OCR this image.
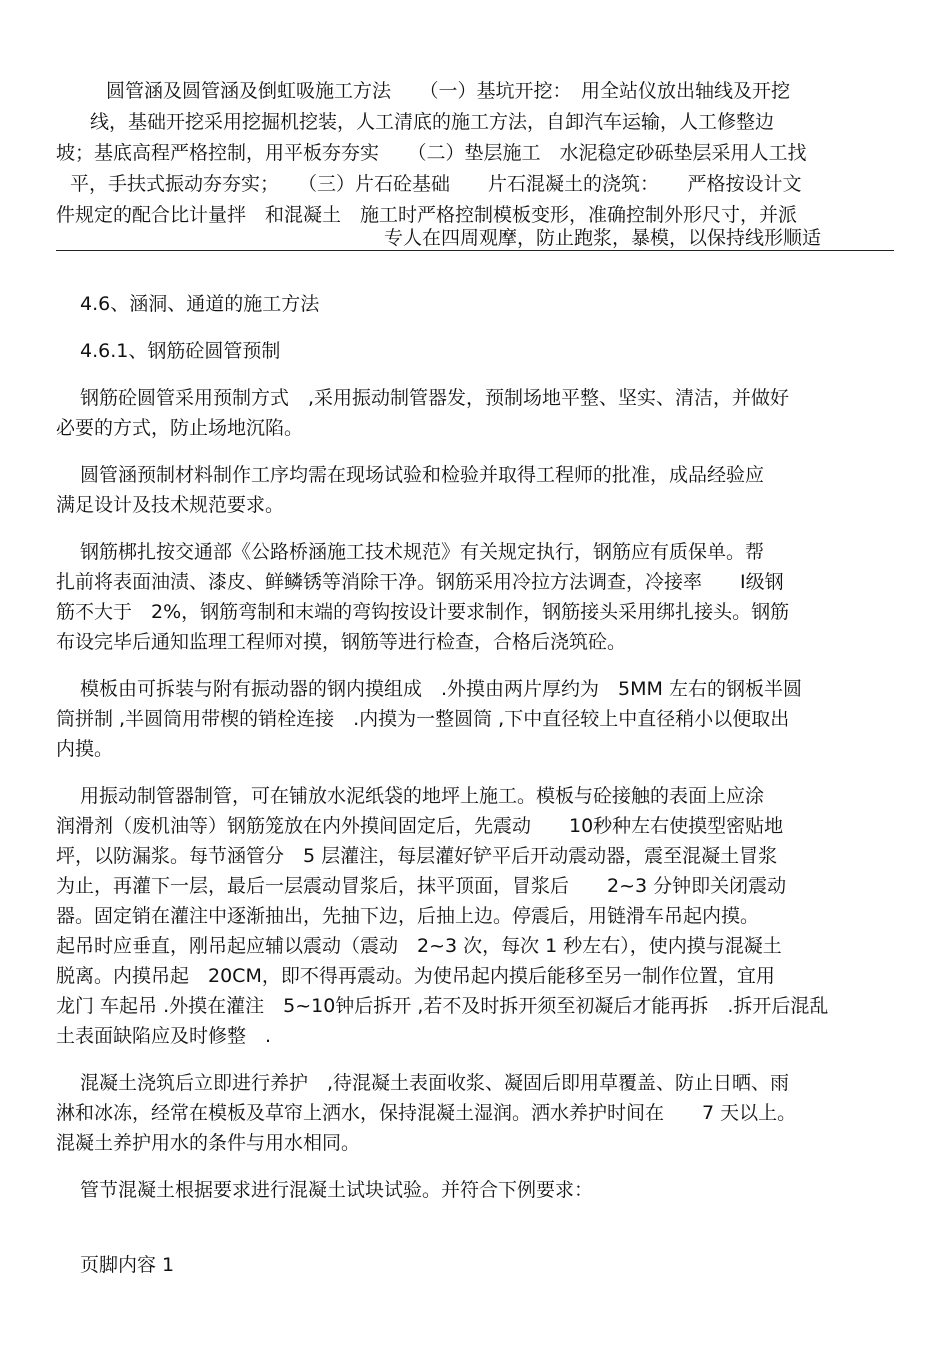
圆管涵及圆管涵及倒虹吸施工方法　　（一）基坑开挖：　用全站仪放出轴线及开挖
线，基础开挖采用挖掘机挖装，人工清底的施工方法，自卸汽车运输，人工修整边
坡；基底高程严格控制，用平板夯夯实　　（二）垫层施工　水泥稳定砂砾垫层采用人工找
平，手扶式振动夯夯实；　　（三）片石砼基础　　片石混凝土的浇筑：　　严格按设计文
件规定的配合比计量拌　和混凝土　施工时严格控制模板变形，准确控制外形尺寸，并派
专人在四周观摩，防止跑浆，暴模，以保持线形顺适
4.6、涵洞、通道的施工方法
4.6.1、钢筋砼圆管预制
钢筋砼圆管采用预制方式　,采用振动制管器发，预制场地平整、坚实、清洁，并做好
必要的方式，防止场地沉陷。
圆管涵预制材料制作工序均需在现场试验和检验并取得工程师的批准，成品经验应
满足设计及技术规范要求。
钢筋梆扎按交通部《公路桥涵施工技术规范》有关规定执行，钢筋应有质保单。帮
扎前将表面油渍、漆皮、鲜鳞锈等消除干净。钢筋采用冷拉方法调查，冷接率　　Ⅰ级钢
筋不大于　2%，钢筋弯制和末端的弯钩按设计要求制作，钢筋接头采用绑扎接头。钢筋
布设完毕后通知监理工程师对摸，钢筋等进行检查，合格后浇筑砼。
模板由可拆装与附有振动器的钢内摸组成　.外摸由两片厚约为　5MM 左右的钢板半圆
筒拼制 ,半圆筒用带楔的销栓连接　.内摸为一整圆筒 ,下中直径较上中直径稍小以便取出
内摸。
用振动制管器制管，可在铺放水泥纸袋的地坪上施工。模板与砼接触的表面上应涂
润滑剂（废机油等）钢筋笼放在内外摸间固定后，先震动　　10秒种左右使摸型密贴地
坪，以防漏浆。每节涵管分　5 层灌注，每层灌好铲平后开动震动器，震至混凝土冒浆
为止，再灌下一层，最后一层震动冒浆后，抹平顶面，冒浆后　　2~3 分钟即关闭震动
器。固定销在灌注中逐渐抽出，先抽下边，后抽上边。停震后，用链滑车吊起内摸。
起吊时应垂直，刚吊起应辅以震动（震动　2~3 次，每次 1 秒左右），使内摸与混凝土
脱离。内摸吊起　20CM，即不得再震动。为使吊起内摸后能移至另一制作位置，宜用
龙门 车起吊 .外摸在灌注　5~10钟后拆开 ,若不及时拆开须至初凝后才能再拆　.拆开后混乱
土表面缺陷应及时修整　.
混凝土浇筑后立即进行养护　,待混凝土表面收浆、凝固后即用草覆盖、防止日晒、雨
淋和冰冻，经常在模板及草帘上洒水，保持混凝土湿润。洒水养护时间在　　7 天以上。
混凝土养护用水的条件与用水相同。
管节混凝土根据要求进行混凝土试块试验。并符合下例要求：
页脚内容 1
